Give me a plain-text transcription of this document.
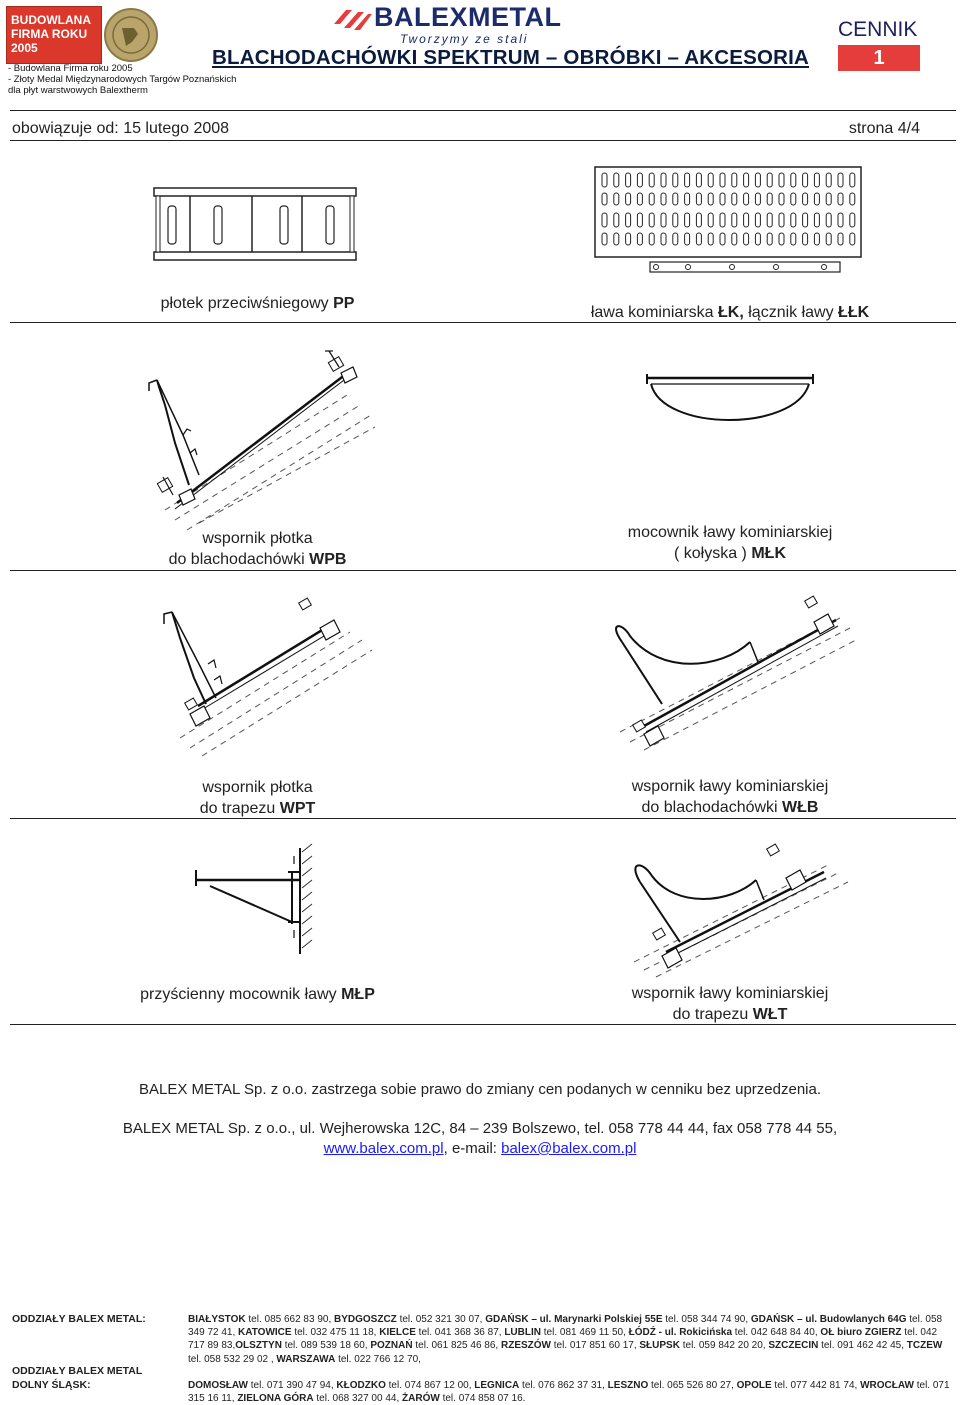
BUDOWLANA FIRMA ROKU 2005
- Budowlana Firma roku 2005
- Złoty Medal Międzynarodowych Targów Poznańskich
dla płyt warstwowych Balextherm
BALEXMETAL
Tworzymy ze stali
BLACHODACHÓWKI SPEKTRUM – OBRÓBKI – AKCESORIA
CENNIK
1
obowiązuje od: 15 lutego 2008	strona 4/4
płotek przeciwśniegowy PP
ława kominiarska ŁK, łącznik ławy ŁŁK
wspornik płotka
do blachodachówki WPB
mocownik ławy kominiarskiej
( kołyska ) MŁK
wspornik płotka
do trapezu WPT
wspornik ławy kominiarskiej
do blachodachówki WŁB
przyścienny mocownik ławy MŁP	wspornik ławy kominiarskiej
do trapezu WŁT
BALEX METAL Sp. z o.o. zastrzega sobie prawo do zmiany cen podanych w cenniku bez uprzedzenia.
BALEX METAL Sp. z o.o., ul. Wejherowska 12C, 84 – 239 Bolszewo, tel. 058 778 44 44, fax 058 778 44 55,
www.balex.com.pl, e-mail: balex@balex.com.pl
ODDZIAŁY BALEX METAL:	BIAŁYSTOK tel. 085 662 83 90, BYDGOSZCZ tel. 052 321 30 07, GDAŃSK – ul. Marynarki Polskiej 55E tel. 058 344 74 90, GDAŃSK – ul. Budowlanych 64G tel. 058 349 72 41, KATOWICE tel. 032 475 11 18, KIELCE tel. 041 368 36 87, LUBLIN tel. 081 469 11 50, ŁÓDŹ - ul. Rokicińska tel. 042 648 84 40, OŁ biuro ZGIERZ tel. 042 717 89 83,OLSZTYN tel. 089 539 18 60, POZNAŃ tel. 061 825 46 86, RZESZÓW tel. 017 851 60 17, SŁUPSK tel. 059 842 20 20, SZCZECIN tel. 091 462 42 45, TCZEW tel. 058 532 29 02 , WARSZAWA tel. 022 766 12 70,
ODDZIAŁY BALEX METAL
DOLNY ŚLĄSK:	DOMOSŁAW tel. 071 390 47 94, KŁODZKO tel. 074 867 12 00, LEGNICA tel. 076 862 37 31, LESZNO tel. 065 526 80 27, OPOLE tel. 077 442 81 74, WROCŁAW tel. 071 315 16 11, ZIELONA GÓRA tel. 068 327 00 44, ŻARÓW tel. 074 858 07 16.
